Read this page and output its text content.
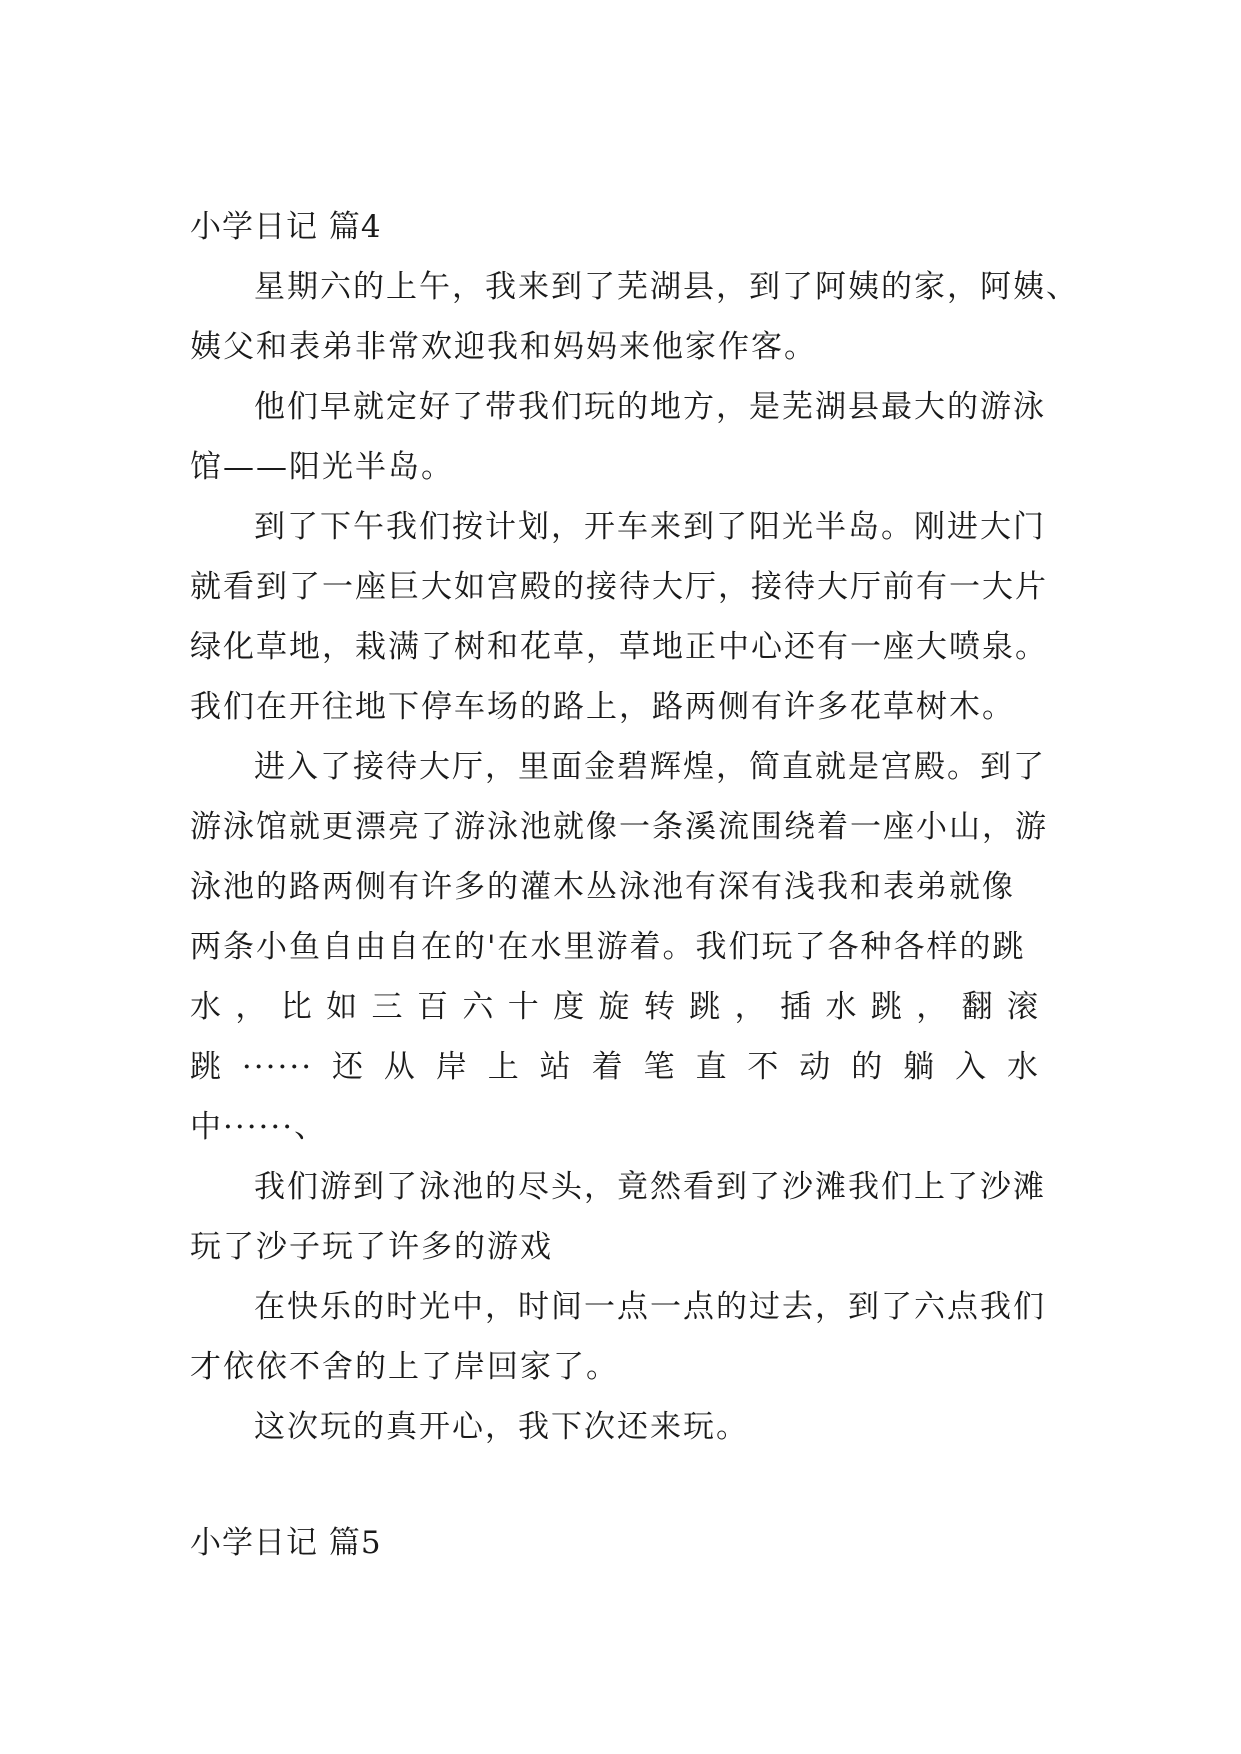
小学日记 篇4
星期六的上午，我来到了芜湖县，到了阿姨的家，阿姨、
姨父和表弟非常欢迎我和妈妈来他家作客。
他们早就定好了带我们玩的地方，是芜湖县最大的游泳
馆——阳光半岛。
到了下午我们按计划，开车来到了阳光半岛。刚进大门
就看到了一座巨大如宫殿的接待大厅，接待大厅前有一大片
绿化草地，栽满了树和花草，草地正中心还有一座大喷泉。
我们在开往地下停车场的路上，路两侧有许多花草树木。
进入了接待大厅，里面金碧辉煌，简直就是宫殿。到了
游泳馆就更漂亮了游泳池就像一条溪流围绕着一座小山，游
泳池的路两侧有许多的灌木丛泳池有深有浅我和表弟就像
两条小鱼自由自在的'在水里游着。我们玩了各种各样的跳
水，比如三百六十度旋转跳，插水跳，翻滚
跳······还从岸上站着笔直不动的躺入水
中······、
我们游到了泳池的尽头，竟然看到了沙滩我们上了沙滩
玩了沙子玩了许多的游戏
在快乐的时光中，时间一点一点的过去，到了六点我们
才依依不舍的上了岸回家了。
这次玩的真开心，我下次还来玩。
小学日记 篇5
